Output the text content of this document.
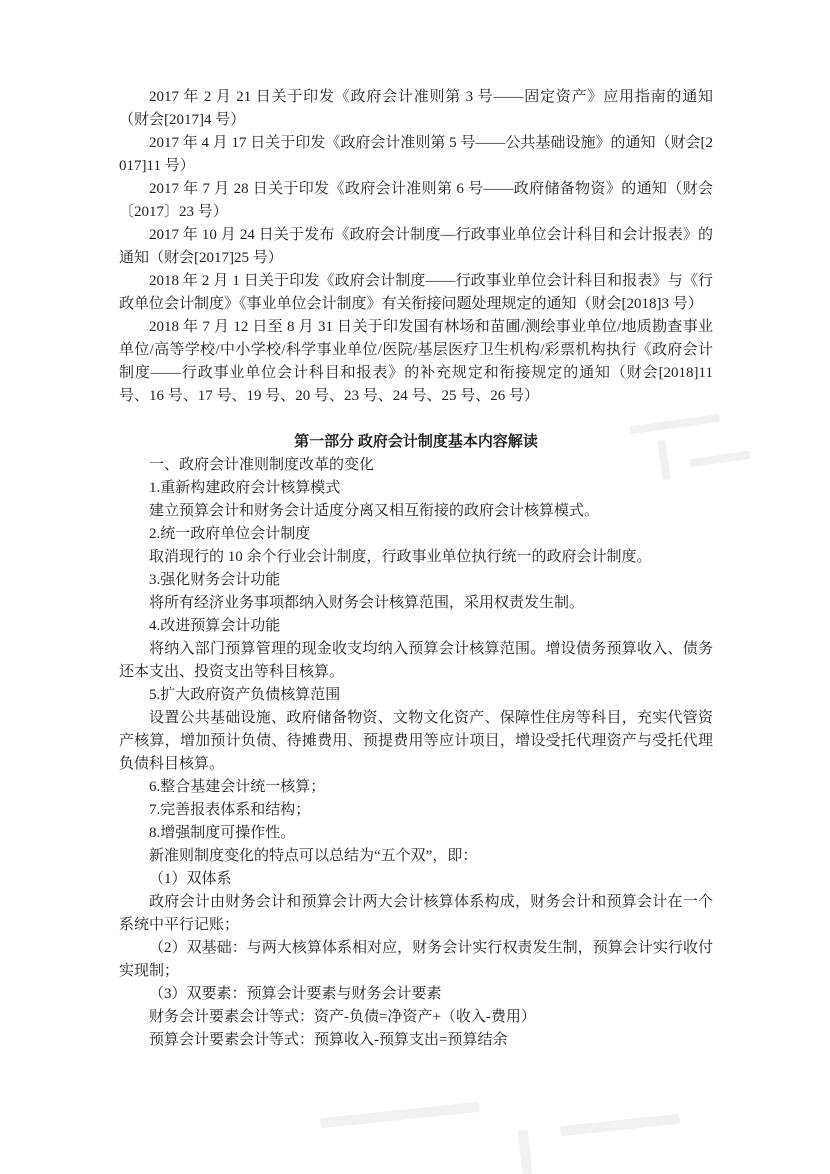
2017 年 2 月 21 日关于印发《政府会计准则第 3 号——固定资产》应用指南的通知（财会[2017]4 号）

2017 年 4 月 17 日关于印发《政府会计准则第 5 号——公共基础设施》的通知（财会[2017]11 号）

2017 年 7 月 28 日关于印发《政府会计准则第 6 号——政府储备物资》的通知（财会〔2017〕23 号）

2017 年 10 月 24 日关于发布《政府会计制度—行政事业单位会计科目和会计报表》的通知（财会[2017]25 号）

2018 年 2 月 1 日关于印发《政府会计制度——行政事业单位会计科目和报表》与《行政单位会计制度》《事业单位会计制度》有关衔接问题处理规定的通知（财会[2018]3 号）

2018 年 7 月 12 日至 8 月 31 日关于印发国有林场和苗圃/测绘事业单位/地质勘查事业单位/高等学校/中小学校/科学事业单位/医院/基层医疗卫生机构/彩票机构执行《政府会计制度——行政事业单位会计科目和报表》的补充规定和衔接规定的通知（财会[2018]11 号、16 号、17 号、19 号、20 号、23 号、24 号、25 号、26 号）

第一部分 政府会计制度基本内容解读

一、政府会计准则制度改革的变化

1.重新构建政府会计核算模式

建立预算会计和财务会计适度分离又相互衔接的政府会计核算模式。

2.统一政府单位会计制度

取消现行的 10 余个行业会计制度，行政事业单位执行统一的政府会计制度。

3.强化财务会计功能

将所有经济业务事项都纳入财务会计核算范围，采用权责发生制。

4.改进预算会计功能

将纳入部门预算管理的现金收支均纳入预算会计核算范围。增设债务预算收入、债务还本支出、投资支出等科目核算。

5.扩大政府资产负债核算范围

设置公共基础设施、政府储备物资、文物文化资产、保障性住房等科目，充实代管资产核算，增加预计负债、待摊费用、预提费用等应计项目，增设受托代理资产与受托代理负债科目核算。

6.整合基建会计统一核算；

7.完善报表体系和结构；

8.增强制度可操作性。

新准则制度变化的特点可以总结为“五个双”，即：

（1）双体系

政府会计由财务会计和预算会计两大会计核算体系构成，财务会计和预算会计在一个系统中平行记账；

（2）双基础：与两大核算体系相对应，财务会计实行权责发生制，预算会计实行收付实现制；

（3）双要素：预算会计要素与财务会计要素

财务会计要素会计等式：资产-负债=净资产+（收入-费用）

预算会计要素会计等式：预算收入-预算支出=预算结余
